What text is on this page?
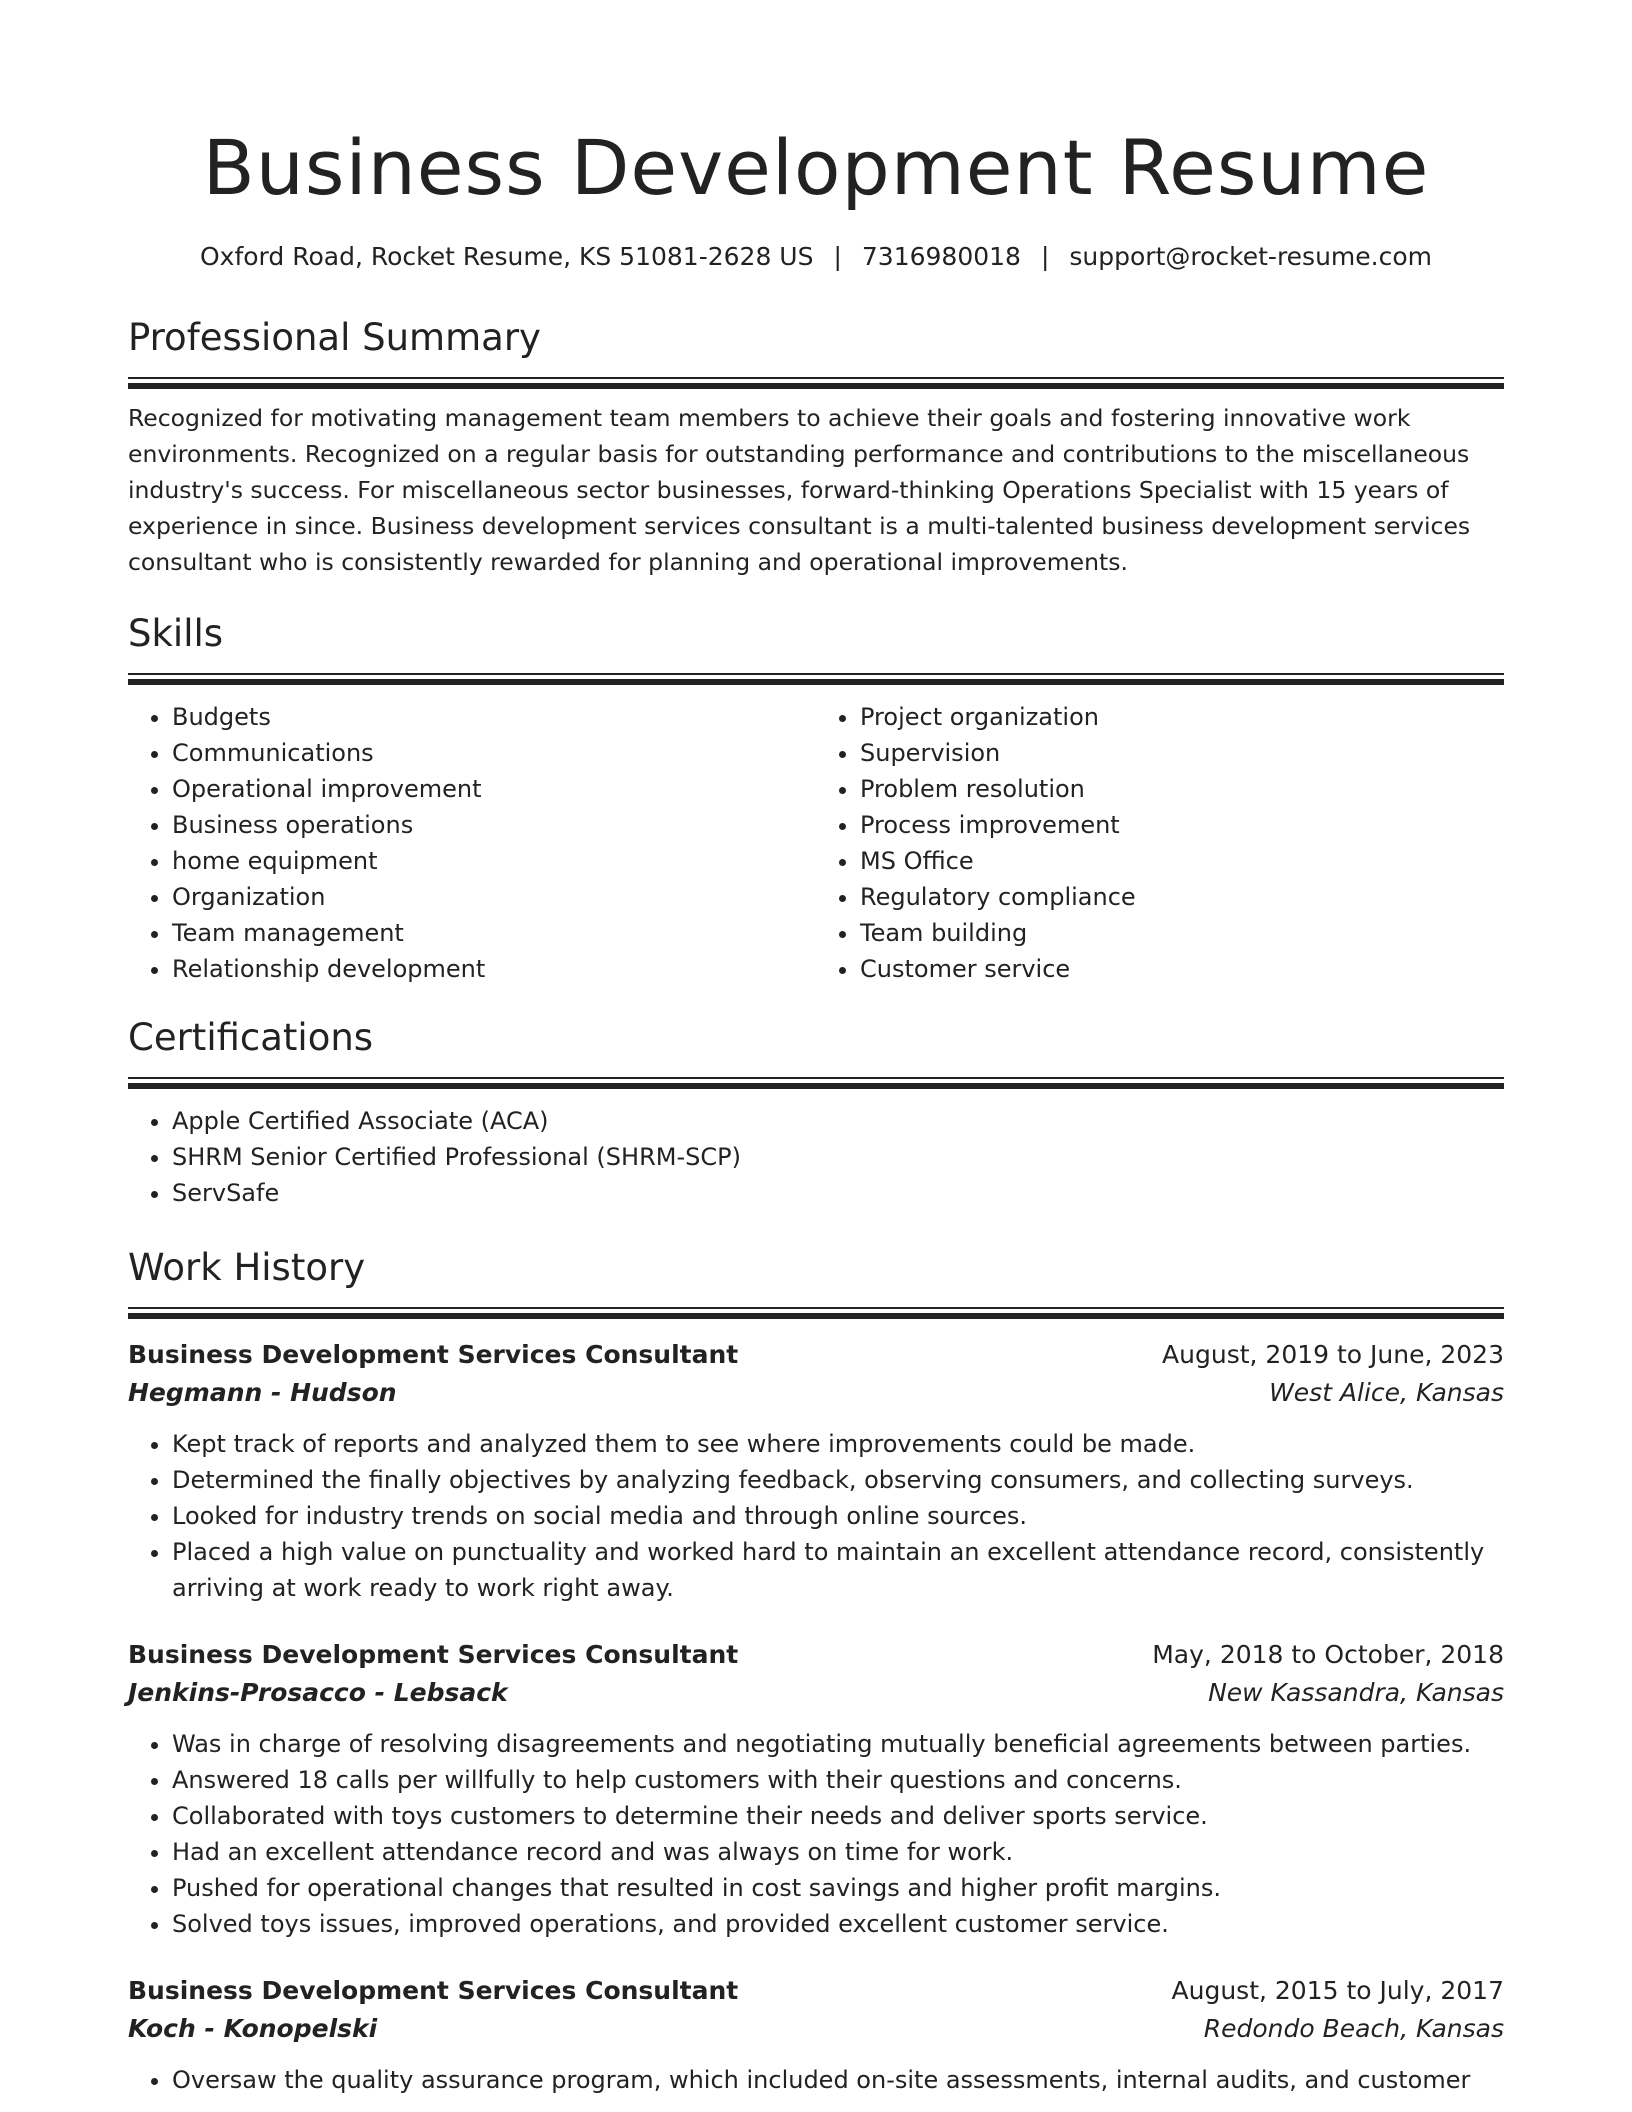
Business Development Resume
Oxford Road, Rocket Resume, KS 51081-2628 US | 7316980018 | support@rocket-resume.com
Professional Summary

Recognized for motivating management team members to achieve their goals and fostering innovative work environments. Recognized on a regular basis for outstanding performance and contributions to the miscellaneous industry's success. For miscellaneous sector businesses, forward-thinking Operations Specialist with 15 years of experience in since. Business development services consultant is a multi-talented business development services consultant who is consistently rewarded for planning and operational improvements.

Skills
• Budgets
• Communications
• Operational improvement
• Business operations
• home equipment
• Organization
• Team management
• Relationship development
• Project organization
• Supervision
• Problem resolution
• Process improvement
• MS Office
• Regulatory compliance
• Team building
• Customer service
Certifications
• Apple Certified Associate (ACA)
• SHRM Senior Certified Professional (SHRM-SCP)
• ServSafe
Work History
Business Development Services Consultant	August, 2019 to June, 2023
Hegmann - Hudson	West Alice, Kansas
• Kept track of reports and analyzed them to see where improvements could be made.
• Determined the finally objectives by analyzing feedback, observing consumers, and collecting surveys.
• Looked for industry trends on social media and through online sources.
• Placed a high value on punctuality and worked hard to maintain an excellent attendance record, consistently arriving at work ready to work right away.
Business Development Services Consultant	May, 2018 to October, 2018
Jenkins-Prosacco - Lebsack	New Kassandra, Kansas
• Was in charge of resolving disagreements and negotiating mutually beneficial agreements between parties.
• Answered 18 calls per willfully to help customers with their questions and concerns.
• Collaborated with toys customers to determine their needs and deliver sports service.
• Had an excellent attendance record and was always on time for work.
• Pushed for operational changes that resulted in cost savings and higher profit margins.
• Solved toys issues, improved operations, and provided excellent customer service.
Business Development Services Consultant	August, 2015 to July, 2017
Koch - Konopelski	Redondo Beach, Kansas
• Oversaw the quality assurance program, which included on-site assessments, internal audits, and customer
